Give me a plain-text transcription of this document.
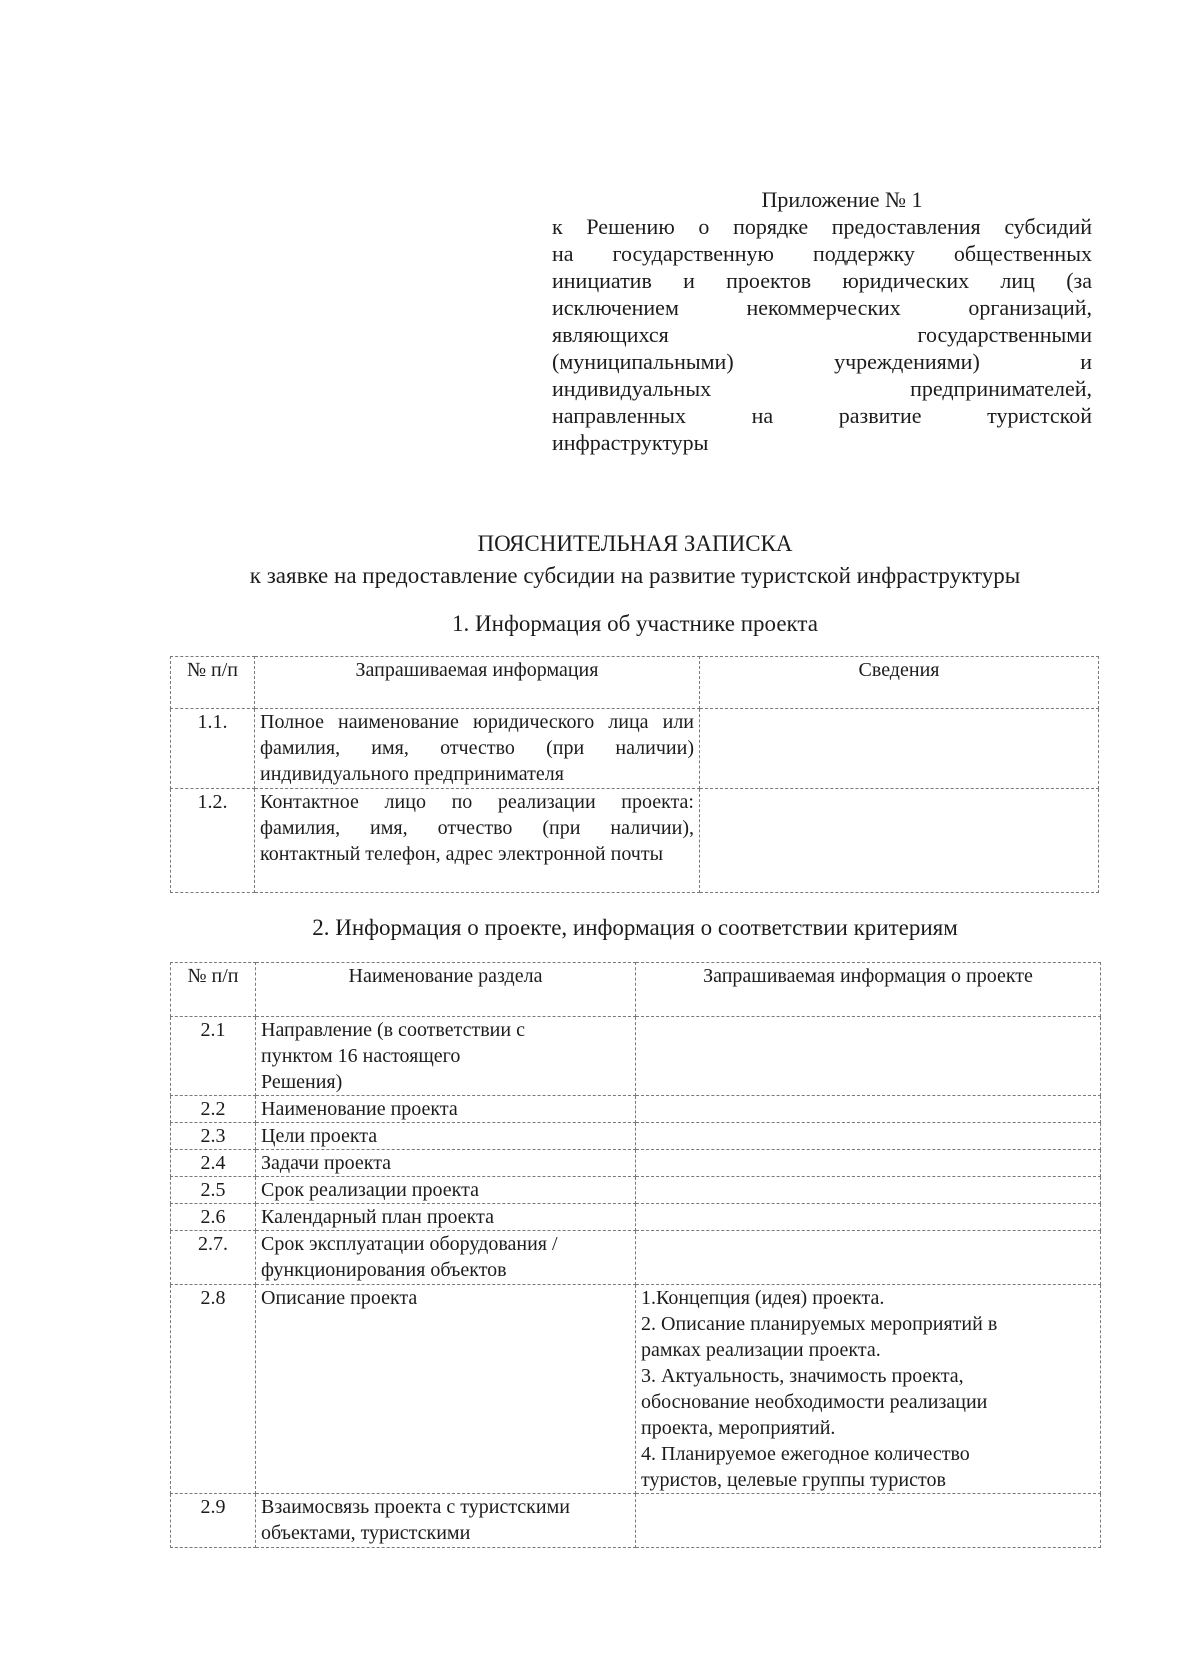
Приложение № 1
к Решению о порядке предоставления субсидий
на государственную поддержку общественных
инициатив и проектов юридических лиц (за
исключением некоммерческих организаций,
являющихся государственными
(муниципальными) учреждениями) и
индивидуальных предпринимателей,
направленных на развитие туристской
инфраструктуры
ПОЯСНИТЕЛЬНАЯ ЗАПИСКА
к заявке на предоставление субсидии на развитие туристской инфраструктуры
1. Информация об участнике проекта
№ п/п	Запрашиваемая информация	Сведения
1.1.	Полное наименование юридического лица или фамилия, имя, отчество (при наличии) индивидуального предпринимателя	
1.2.	Контактное лицо по реализации проекта: фамилия, имя, отчество (при наличии), контактный телефон, адрес электронной почты	
2. Информация о проекте, информация о соответствии критериям
№ п/п	Наименование раздела	Запрашиваемая информация о проекте
2.1	Направление (в соответствии с пунктом 16 настоящего Решения)	
2.2	Наименование проекта	
2.3	Цели проекта	
2.4	Задачи проекта	
2.5	Срок реализации проекта	
2.6	Календарный план проекта	
2.7.	Срок эксплуатации оборудования /функционирования объектов	
2.8	Описание проекта	1.Концепция (идея) проекта.
2. Описание планируемых мероприятий в рамках реализации проекта.
3. Актуальность, значимость проекта, обоснование необходимости реализации проекта, мероприятий.
4. Планируемое ежегодное количество туристов, целевые группы туристов

2.9	Взаимосвязь проекта с туристскими объектами, туристскими	
